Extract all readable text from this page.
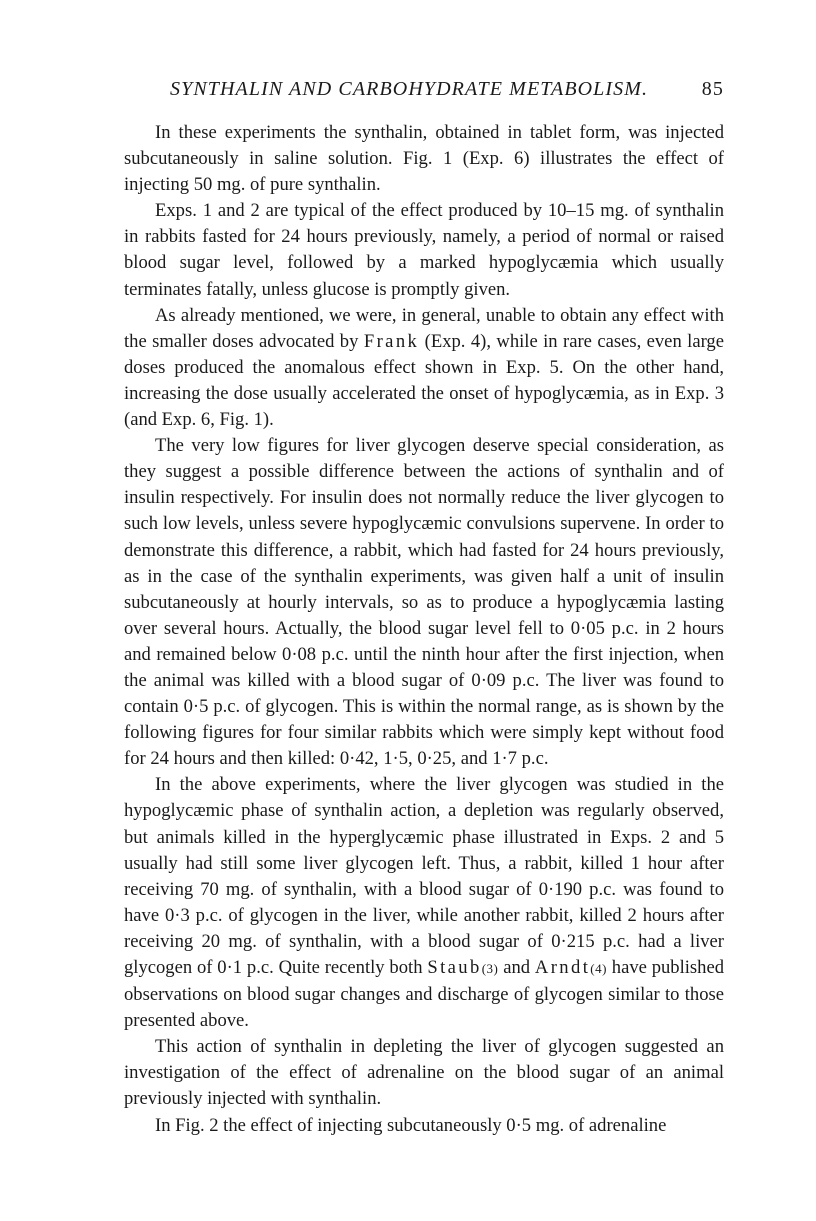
SYNTHALIN AND CARBOHYDRATE METABOLISM.	85

In these experiments the synthalin, obtained in tablet form, was injected subcutaneously in saline solution. Fig. 1 (Exp. 6) illustrates the effect of injecting 50 mg. of pure synthalin.

Exps. 1 and 2 are typical of the effect produced by 10–15 mg. of synthalin in rabbits fasted for 24 hours previously, namely, a period of normal or raised blood sugar level, followed by a marked hypoglycæmia which usually terminates fatally, unless glucose is promptly given.

As already mentioned, we were, in general, unable to obtain any effect with the smaller doses advocated by Frank (Exp. 4), while in rare cases, even large doses produced the anomalous effect shown in Exp. 5. On the other hand, increasing the dose usually accelerated the onset of hypoglycæmia, as in Exp. 3 (and Exp. 6, Fig. 1).

The very low figures for liver glycogen deserve special consideration, as they suggest a possible difference between the actions of synthalin and of insulin respectively. For insulin does not normally reduce the liver glycogen to such low levels, unless severe hypoglycæmic convulsions supervene. In order to demonstrate this difference, a rabbit, which had fasted for 24 hours previously, as in the case of the synthalin experiments, was given half a unit of insulin subcutaneously at hourly intervals, so as to produce a hypoglycæmia lasting over several hours. Actually, the blood sugar level fell to 0·05 p.c. in 2 hours and remained below 0·08 p.c. until the ninth hour after the first injection, when the animal was killed with a blood sugar of 0·09 p.c. The liver was found to contain 0·5 p.c. of glycogen. This is within the normal range, as is shown by the following figures for four similar rabbits which were simply kept without food for 24 hours and then killed: 0·42, 1·5, 0·25, and 1·7 p.c.

In the above experiments, where the liver glycogen was studied in the hypoglycæmic phase of synthalin action, a depletion was regularly observed, but animals killed in the hyperglycæmic phase illustrated in Exps. 2 and 5 usually had still some liver glycogen left. Thus, a rabbit, killed 1 hour after receiving 70 mg. of synthalin, with a blood sugar of 0·190 p.c. was found to have 0·3 p.c. of glycogen in the liver, while another rabbit, killed 2 hours after receiving 20 mg. of synthalin, with a blood sugar of 0·215 p.c. had a liver glycogen of 0·1 p.c. Quite recently both Staub(3) and Arndt(4) have published observations on blood sugar changes and discharge of glycogen similar to those presented above.

This action of synthalin in depleting the liver of glycogen suggested an investigation of the effect of adrenaline on the blood sugar of an animal previously injected with synthalin.

In Fig. 2 the effect of injecting subcutaneously 0·5 mg. of adrenaline
